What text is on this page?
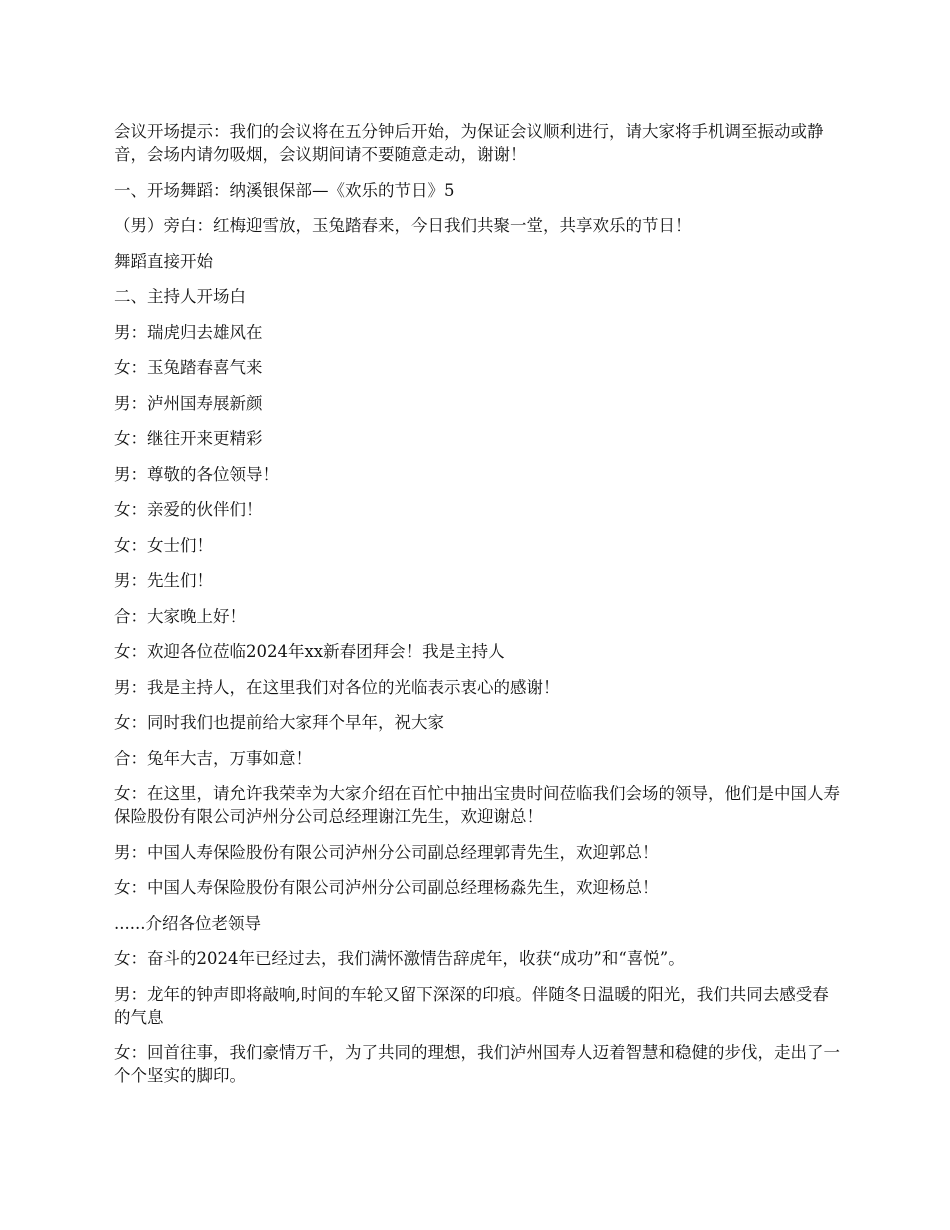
会议开场提示：我们的会议将在五分钟后开始，为保证会议顺利进行，请大家将手机调至振动或静音，会场内请勿吸烟，会议期间请不要随意走动，谢谢！

一、开场舞蹈：纳溪银保部—《欢乐的节日》5

（男）旁白：红梅迎雪放，玉兔踏春来，今日我们共聚一堂，共享欢乐的节日！

舞蹈直接开始

二、主持人开场白

男：瑞虎归去雄风在

女：玉兔踏春喜气来

男：泸州国寿展新颜

女：继往开来更精彩

男：尊敬的各位领导！

女：亲爱的伙伴们！

女：女士们！

男：先生们！

合：大家晚上好！

女：欢迎各位莅临2024年xx新春团拜会！我是主持人

男：我是主持人，在这里我们对各位的光临表示衷心的感谢！

女：同时我们也提前给大家拜个早年，祝大家

合：兔年大吉，万事如意！

女：在这里，请允许我荣幸为大家介绍在百忙中抽出宝贵时间莅临我们会场的领导，他们是中国人寿保险股份有限公司泸州分公司总经理谢江先生，欢迎谢总！

男：中国人寿保险股份有限公司泸州分公司副总经理郭青先生，欢迎郭总！

女：中国人寿保险股份有限公司泸州分公司副总经理杨淼先生，欢迎杨总！

......介绍各位老领导

女：奋斗的2024年已经过去，我们满怀激情告辞虎年，收获“成功”和“喜悦”。

男：龙年的钟声即将敲响,时间的车轮又留下深深的印痕。伴随冬日温暖的阳光，我们共同去感受春的气息

女：回首往事，我们豪情万千，为了共同的理想，我们泸州国寿人迈着智慧和稳健的步伐，走出了一个个坚实的脚印。
